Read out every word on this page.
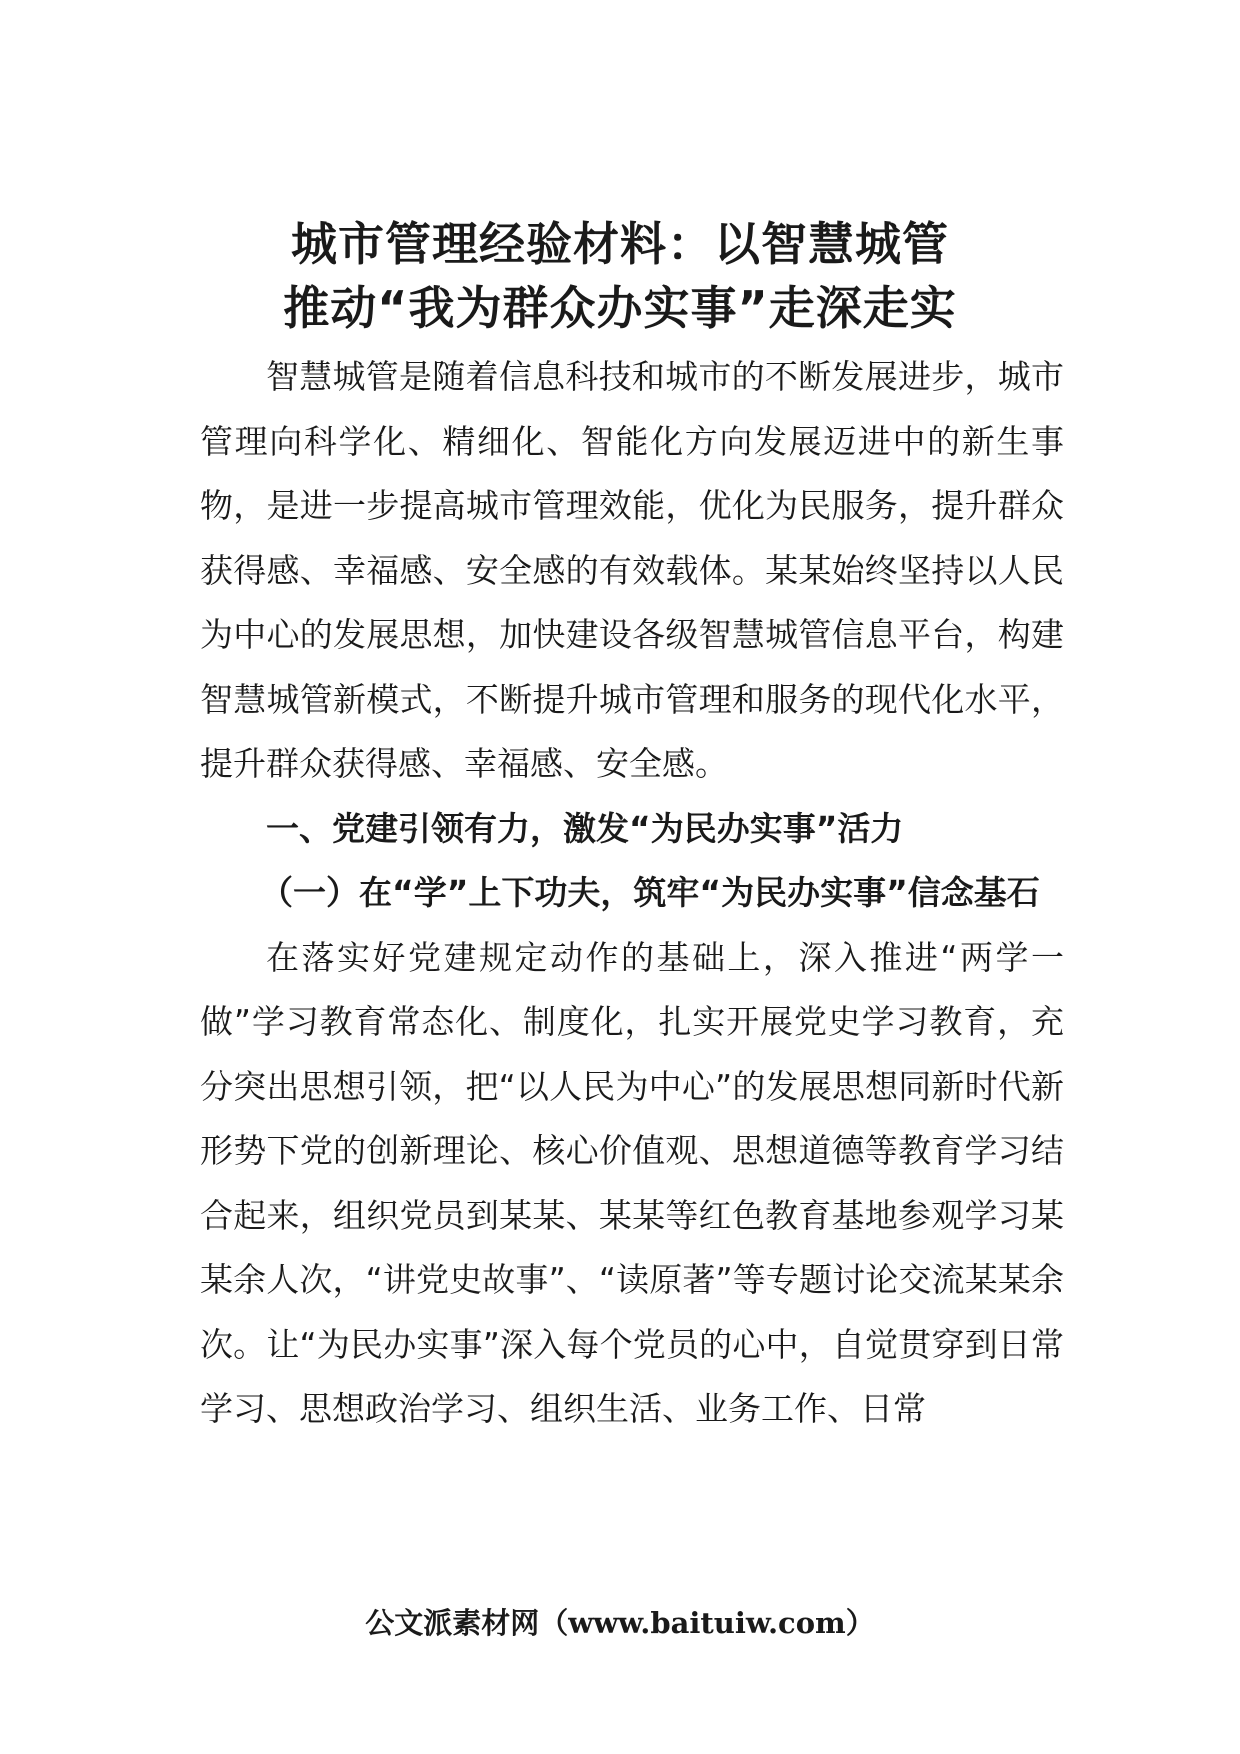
城市管理经验材料：以智慧城管
推动“我为群众办实事”走深走实

智慧城管是随着信息科技和城市的不断发展进步，城市管理向科学化、精细化、智能化方向发展迈进中的新生事物，是进一步提高城市管理效能，优化为民服务，提升群众获得感、幸福感、安全感的有效载体。某某始终坚持以人民为中心的发展思想，加快建设各级智慧城管信息平台，构建智慧城管新模式，不断提升城市管理和服务的现代化水平，提升群众获得感、幸福感、安全感。

一、党建引领有力，激发“为民办实事”活力

（一）在“学”上下功夫，筑牢“为民办实事”信念基石

在落实好党建规定动作的基础上，深入推进“两学一做”学习教育常态化、制度化，扎实开展党史学习教育，充分突出思想引领，把“以人民为中心”的发展思想同新时代新形势下党的创新理论、核心价值观、思想道德等教育学习结合起来，组织党员到某某、某某等红色教育基地参观学习某某余人次，“讲党史故事”、“读原著”等专题讨论交流某某余次。让“为民办实事”深入每个党员的心中，自觉贯穿到日常学习、思想政治学习、组织生活、业务工作、日常

公文派素材网（www.baituiw.com）
